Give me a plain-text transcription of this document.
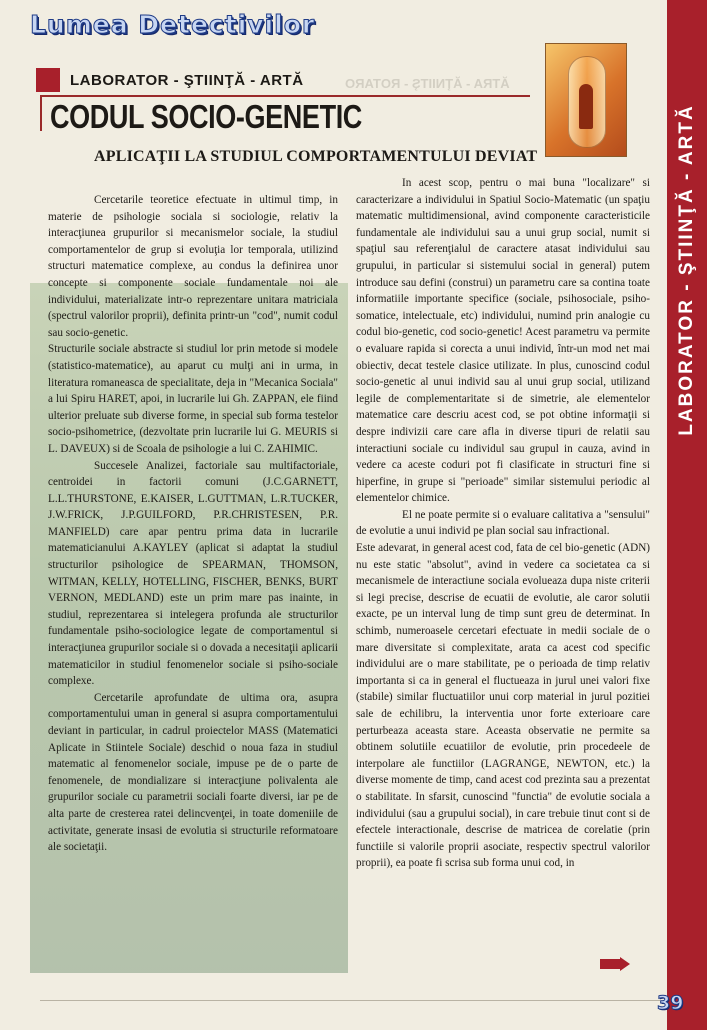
Lumea Detectivilor
ĂTRA - ĂŢNIITŞ - ROTARO
LABORATOR - ŞTIINŢĂ - ARTĂ
CODUL SOCIO-GENETIC
APLICAŢII LA STUDIUL COMPORTAMENTULUI DEVIAT

Cercetarile teoretice efectuate in ultimul timp, in materie de psihologie sociala si sociologie, relativ la interacţiunea grupurilor si mecanismelor sociale, la studiul comportamentelor de grup si evoluţia lor temporala, utilizind structuri matematice complexe, au condus la definirea unor concepte si componente sociale fundamentale noi ale individului, materializate intr-o reprezentare unitara matriciala (spectrul valorilor proprii), definita printr-un "cod", numit codul sau socio-genetic.

Structurile sociale abstracte si studiul lor prin metode si modele (statistico-matematice), au aparut cu mulţi ani in urma, in literatura romaneasca de specialitate, deja in "Mecanica Sociala" a lui Spiru HARET, apoi, in lucrarile lui Gh. ZAPPAN, ele fiind ulterior preluate sub diverse forme, in special sub forma testelor socio-psihometrice, (dezvoltate prin lucrarile lui G. MEURIS si L. DAVEUX) si de Scoala de psihologie a lui C. ZAHIMIC.

Succesele Analizei, factoriale sau multifactoriale, centroidei in factorii comuni (J.C.GARNETT, L.L.THURSTONE, E.KAISER, L.GUTTMAN, L.R.TUCKER, J.W.FRICK, J.P.GUILFORD, P.R.CHRISTESEN, P.R. MANFIELD) care apar pentru prima data in lucrarile matematicianului A.KAYLEY (aplicat si adaptat la studiul structurilor psihologice de SPEARMAN, THOMSON, WITMAN, KELLY, HOTELLING, FISCHER, BENKS, BURT VERNON, MEDLAND) este un prim mare pas inainte, in studiul, reprezentarea si intelegera profunda ale structurilor fundamentale psiho-sociologice legate de comportamentul si interacţiunea grupurilor sociale si o dovada a necesitaţii aplicarii matematicilor in studiul fenomenelor sociale si psiho-sociale complexe.

Cercetarile aprofundate de ultima ora, asupra comportamentului uman in general si asupra comportamentului deviant in particular, in cadrul proiectelor MASS (Matematici Aplicate in Stiintele Sociale) deschid o noua faza in studiul matematic al fenomenelor sociale, impuse pe de o parte de fenomenele, de mondializare si interacţiune polivalenta ale grupurilor sociale cu parametrii sociali foarte diversi, iar pe de alta parte de cresterea ratei delincvenţei, in toate domeniile de activitate, generate insasi de evolutia si structurile reformatoare ale societaţii.

In acest scop, pentru o mai buna "localizare" si caracterizare a individului in Spatiul Socio-Matematic (un spaţiu matematic multidimensional, avind componente caracteristicile fundamentale ale individului sau a unui grup social, numit si spaţiul sau referenţialul de caractere atasat individului sau grupului, in particular si sistemului social in general) putem introduce sau defini (construi) un parametru care sa contina toate informatiile importante specifice (sociale, psihosociale, psiho-somatice, intelectuale, etc) individului, numind prin analogie cu codul bio-genetic, cod socio-genetic! Acest parametru va permite o evaluare rapida si corecta a unui individ, într-un mod net mai obiectiv, decat testele clasice utilizate. In plus, cunoscind codul socio-genetic al unui individ sau al unui grup social, utilizand legile de complementaritate si de simetrie, ale elementelor matematice care descriu acest cod, se pot obtine informaţii si despre indivizii care care afla in diverse tipuri de relatii sau interactiuni sociale cu individul sau grupul in cauza, avind in vedere ca aceste coduri pot fi clasificate in structuri fine si hiperfine, in grupe si "perioade" similar sistemului periodic al elementelor chimice.

El ne poate permite si o evaluare calitativa a "sensului" de evolutie a unui individ pe plan social sau infractional.

Este adevarat, in general acest cod, fata de cel bio-genetic (ADN) nu este static "absolut", avind in vedere ca societatea ca si mecanismele de interactiune sociala evolueaza dupa niste criterii si legi precise, descrise de ecuatii de evolutie, ale caror solutii exacte, pe un interval lung de timp sunt greu de determinat. In schimb, numeroasele cercetari efectuate in medii sociale de o mare diversitate si complexitate, arata ca acest cod specific individului are o mare stabilitate, pe o perioada de timp relativ importanta si ca in general el fluctueaza in jurul unei valori fixe (stabile) similar fluctuatiilor unui corp material in jurul pozitiei sale de echilibru, la interventia unor forte exterioare care perturbeaza aceasta stare. Aceasta observatie ne permite sa obtinem solutiile ecuatiilor de evolutie, prin procedeele de interpolare ale functiilor (LAGRANGE, NEWTON, etc.) la diverse momente de timp, cand acest cod prezinta sau a prezentat o stabilitate. In sfarsit, cunoscind "functia" de evolutie sociala a individului (sau a grupului social), in care trebuie tinut cont si de efectele interactionale, descrise de matricea de corelatie (prin functiile si valorile proprii asociate, respectiv spectrul valorilor proprii), ea poate fi scrisa sub forma unui cod, in

LABORATOR - ŞTIINŢĂ - ARTĂ
39
